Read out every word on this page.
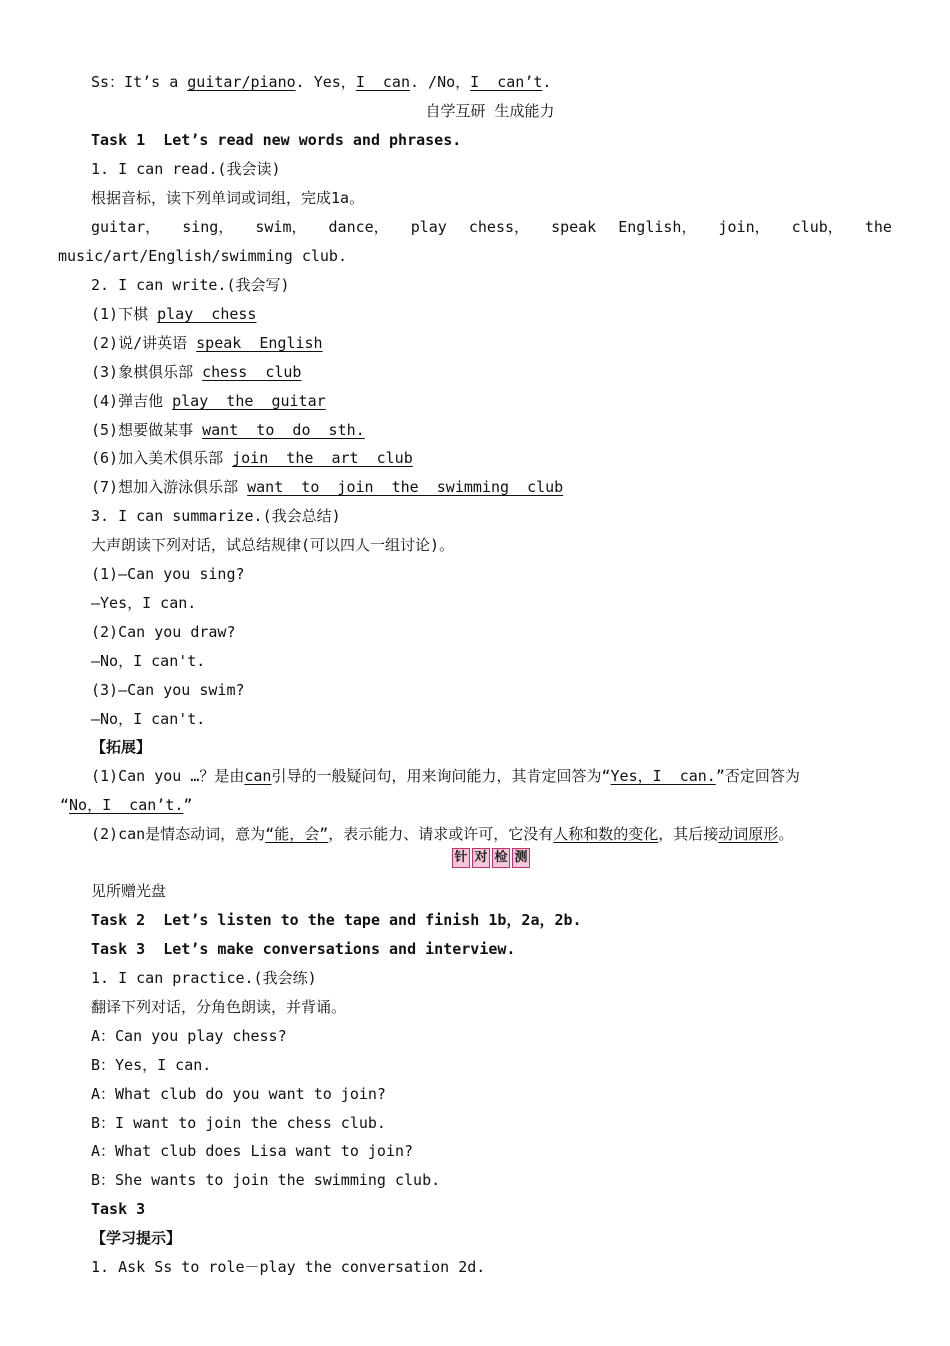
Ss：It’s a guitar/piano. Yes，I  can. /No，I  can’t.
自学互研 生成能力
Task 1  Let’s read new words and phrases.
1. I can read.(我会读)
根据音标，读下列单词或词组，完成1a。
guitar， sing， swim， dance， play chess， speak English， join， club， the
music/art/English/swimming club.
2. I can write.(我会写)
(1)下棋 play  chess
(2)说/讲英语 speak  English
(3)象棋俱乐部 chess  club
(4)弹吉他 play  the  guitar
(5)想要做某事 want  to  do  sth.
(6)加入美术俱乐部 join  the  art  club
(7)想加入游泳俱乐部 want  to  join  the  swimming  club
3. I can summarize.(我会总结)
大声朗读下列对话，试总结规律(可以四人一组讨论)。
(1)—Can you sing?
—Yes，I can.
(2)Can you draw?
—No，I can't.
(3)—Can you swim?
—No，I can't.
【拓展】
(1)Can you …？是由can引导的一般疑问句，用来询问能力，其肯定回答为“Yes，I  can.”否定回答为
“No，I  can’t.”
(2)can是情态动词，意为“能，会”，表示能力、请求或许可，它没有人称和数的变化，其后接动词原形。
针 对 检 测
见所赠光盘
Task 2  Let’s listen to the tape and finish 1b，2a，2b.
Task 3  Let’s make conversations and interview.
1. I can practice.(我会练)
翻译下列对话，分角色朗读，并背诵。
A：Can you play chess?
B：Yes，I can.
A：What club do you want to join?
B：I want to join the chess club.
A：What club does Lisa want to join?
B：She wants to join the swimming club.
Task 3
【学习提示】
1. Ask Ss to role－play the conversation 2d.
